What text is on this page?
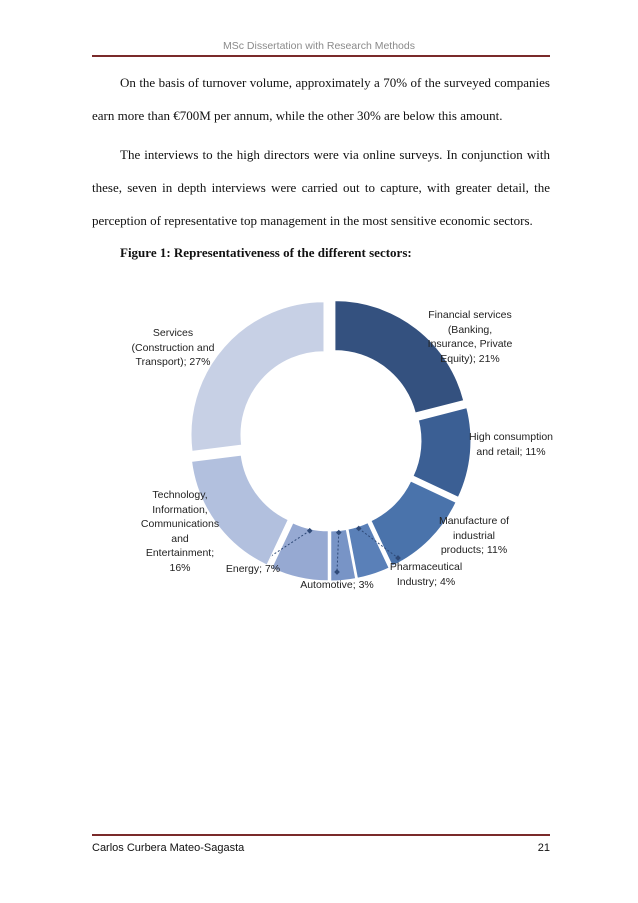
MSc Dissertation with Research Methods
On the basis of turnover volume, approximately a 70% of the surveyed companies earn more than €700M per annum, while the other 30% are below this amount.
The interviews to the high directors were via online surveys. In conjunction with these, seven in depth interviews were carried out to capture, with greater detail, the perception of representative top management in the most sensitive economic sectors.
Figure 1: Representativeness of the different sectors:
Financial services
(Banking,
Insurance, Private
Equity); 21%
High consumption
and retail; 11%
Manufacture of
industrial
products; 11%
Pharmaceutical
Industry; 4%
Automotive; 3%
Energy; 7%
Technology,
Information,
Communications
and
Entertainment;
16%
Services
(Construction and
Transport); 27%
Carlos Curbera Mateo-Sagasta	21
